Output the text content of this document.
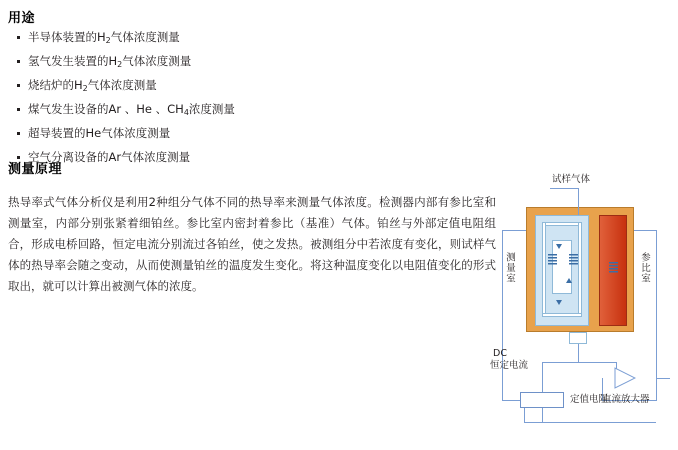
用途
半导体装置的$H_2$气体浓度测量
氢气发生装置的$H_2$气体浓度测量
烧结炉的$H_2$气体浓度测量
煤气发生设备的Ar 、He 、$CH_4$浓度测量
超导装置的He气体浓度测量
空气分离设备的Ar气体浓度测量
测量原理

热导率式气体分析仪是利用2种组分气体不同的热导率来测量气体浓度。检测器内部有参比室和测量室，内部分别张紧着细铂丝。参比室内密封着参比（基准）气体。铂丝与外部定值电阻组合，形成电桥回路，恒定电流分别流过各铂丝，使之发热。被测组分中若浓度有变化，则试样气体的热导率会随之变动，从而使测量铂丝的温度发生变化。将这种温度变化以电阻值变化的形式取出，就可以计算出被测气体的浓度。

试样气体
测量室
DC
恒定电流
参比室
定值电阻
直流放大器
